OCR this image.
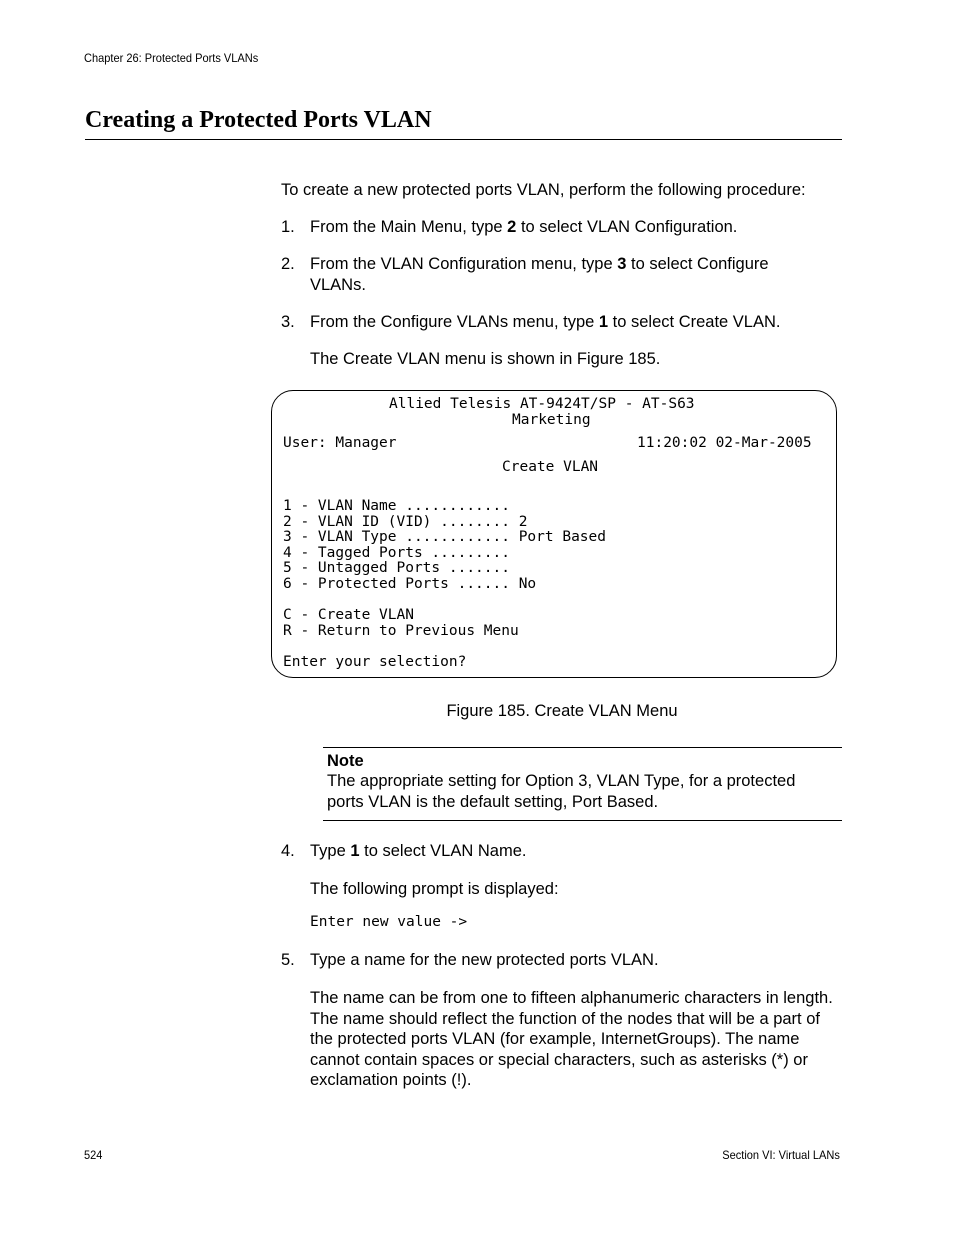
Chapter 26: Protected Ports VLANs
Creating a Protected Ports VLAN
To create a new protected ports VLAN, perform the following procedure:
1. From the Main Menu, type 2 to select VLAN Configuration.
2. From the VLAN Configuration menu, type 3 to select Configure VLANs.
3. From the Configure VLANs menu, type 1 to select Create VLAN.
The Create VLAN menu is shown in Figure 185.
Allied Telesis AT-9424T/SP - AT-S63
Marketing
User: Manager	11:20:02 02-Mar-2005
Create VLAN
1 - VLAN Name ............
2 - VLAN ID (VID) ........ 2
3 - VLAN Type ............ Port Based
4 - Tagged Ports .........
5 - Untagged Ports .......
6 - Protected Ports ...... No
C - Create VLAN
R - Return to Previous Menu
Enter your selection?
Figure 185. Create VLAN Menu
Note
The appropriate setting for Option 3, VLAN Type, for a protected ports VLAN is the default setting, Port Based.
4. Type 1 to select VLAN Name.
The following prompt is displayed:
Enter new value ->
5. Type a name for the new protected ports VLAN.
The name can be from one to fifteen alphanumeric characters in length. The name should reflect the function of the nodes that will be a part of the protected ports VLAN (for example, InternetGroups). The name cannot contain spaces or special characters, such as asterisks (*) or exclamation points (!).
524	Section VI: Virtual LANs
